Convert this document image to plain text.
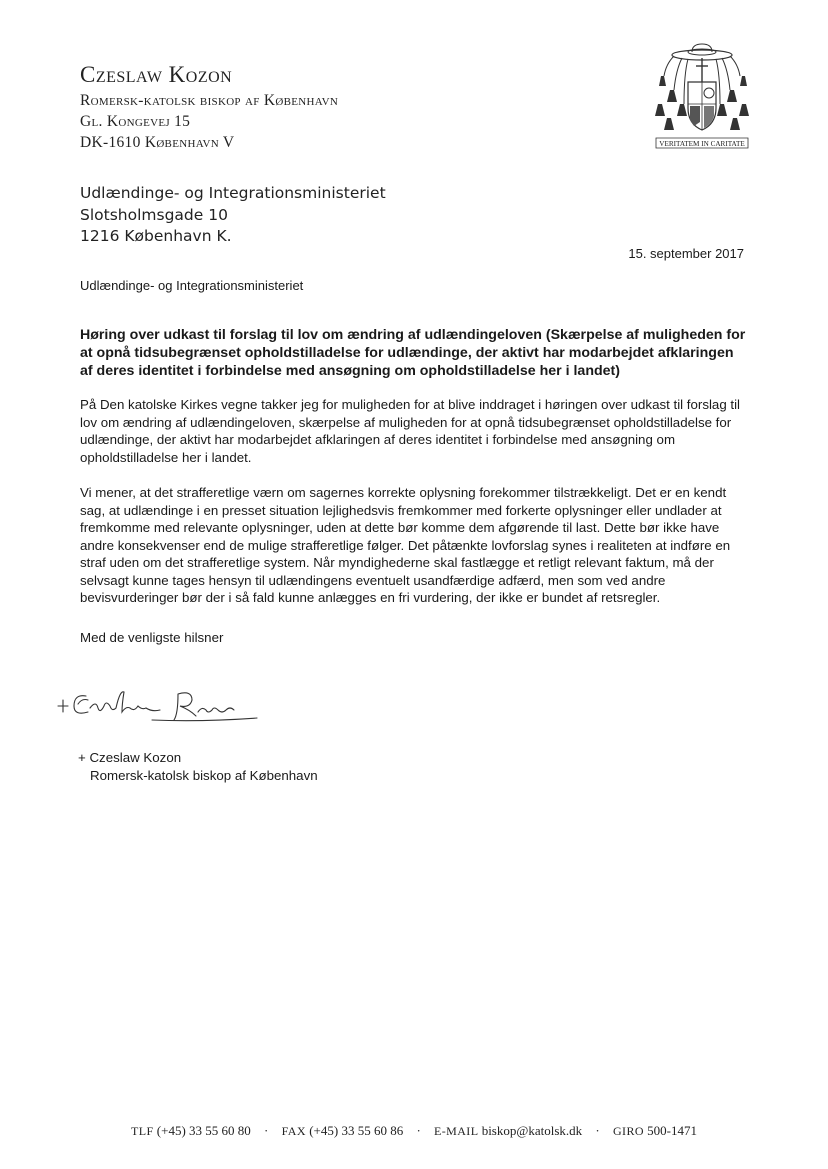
Czeslaw Kozon
Romersk-katolsk biskop af København
Gl. Kongevej 15
DK-1610 København V	VERITATEM IN CARITATE
Udlændinge- og Integrationsministeriet
Slotsholmsgade 10
1216 København K.
15. september 2017
Udlændinge- og Integrationsministeriet
Høring over udkast til forslag til lov om ændring af udlændingeloven (Skærpelse af muligheden for at opnå tidsubegrænset opholdstilladelse for udlændinge, der aktivt har modarbejdet afklaringen af deres identitet i forbindelse med ansøgning om opholdstilladelse her i landet)
På Den katolske Kirkes vegne takker jeg for muligheden for at blive inddraget i høringen over udkast til forslag til lov om ændring af udlændingeloven, skærpelse af muligheden for at opnå tidsubegrænset opholdstilladelse for udlændinge, der aktivt har modarbejdet afklaringen af deres identitet i forbindelse med ansøgning om opholdstilladelse her i landet.
Vi mener, at det strafferetlige værn om sagernes korrekte oplysning forekommer tilstrækkeligt. Det er en kendt sag, at udlændinge i en presset situation lejlighedsvis fremkommer med forkerte oplysninger eller undlader at fremkomme med relevante oplysninger, uden at dette bør komme dem afgørende til last. Dette bør ikke have andre konsekvenser end de mulige strafferetlige følger. Det påtænkte lovforslag synes i realiteten at indføre en straf uden om det strafferetlige system. Når myndighederne skal fastlægge et retligt relevant faktum, må der selvsagt kunne tages hensyn til udlændingens eventuelt usandfærdige adfærd, men som ved andre bevisvurderinger bør der i så fald kunne anlægges en fri vurdering, der ikke er bundet af retsregler.
Med de venligste hilsner
+ Czeslaw Kozon
+ Czeslaw Kozon
Romersk-katolsk biskop af København
TLF (+45) 33 55 60 80 · FAX (+45) 33 55 60 86 · E-MAIL biskop@katolsk.dk · GIRO 500-1471
